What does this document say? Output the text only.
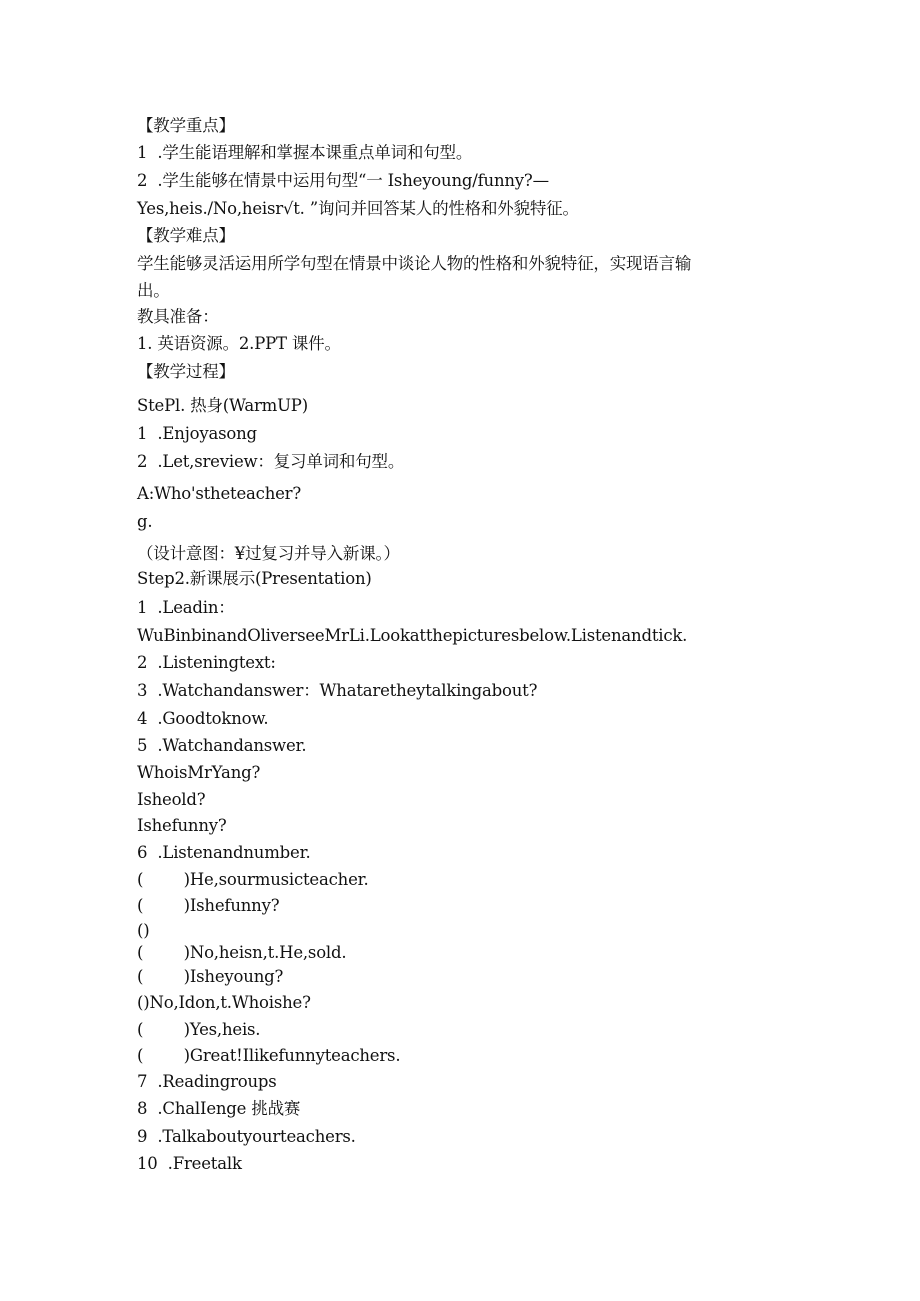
【教学重点】
1  .学生能语理解和掌握本课重点单词和句型。
2  .学生能够在情景中运用句型“一 Isheyoung/funny?—
Yes,heis./No,heisr√t. ”询问并回答某人的性格和外貌特征。
【教学难点】
学生能够灵活运用所学句型在情景中谈论人物的性格和外貌特征，实现语言输
出。
教具准备：
1. 英语资源。2.PPT 课件。
【教学过程】
StePl. 热身(WarmUP)
1  .Enjoyasong
2  .Let,sreview：复习单词和句型。
A:Who'stheteacher?
g.
（设计意图：¥过复习并导入新课。）
Step2.新课展示(Presentation)
1  .Leadin：
WuBinbinandOliverseeMrLi.Lookatthepicturesbelow.Listenandtick.
2  .Listeningtext:
3  .Watchandanswer：Whataretheytalkingabout?
4  .Goodtoknow.
5  .Watchandanswer.
WhoisMrYang?
Isheold?
Ishefunny?
6  .Listenandnumber.
(        )He,sourmusicteacher.
(        )Ishefunny?
()
(        )No,heisn,t.He,sold.
(        )Isheyoung?
()No,Idon,t.Whoishe?
(        )Yes,heis.
(        )Great!Ilikefunnyteachers.
7  .Readingroups
8  .ChalIenge 挑战赛
9  .Talkaboutyourteachers.
10  .Freetalk
